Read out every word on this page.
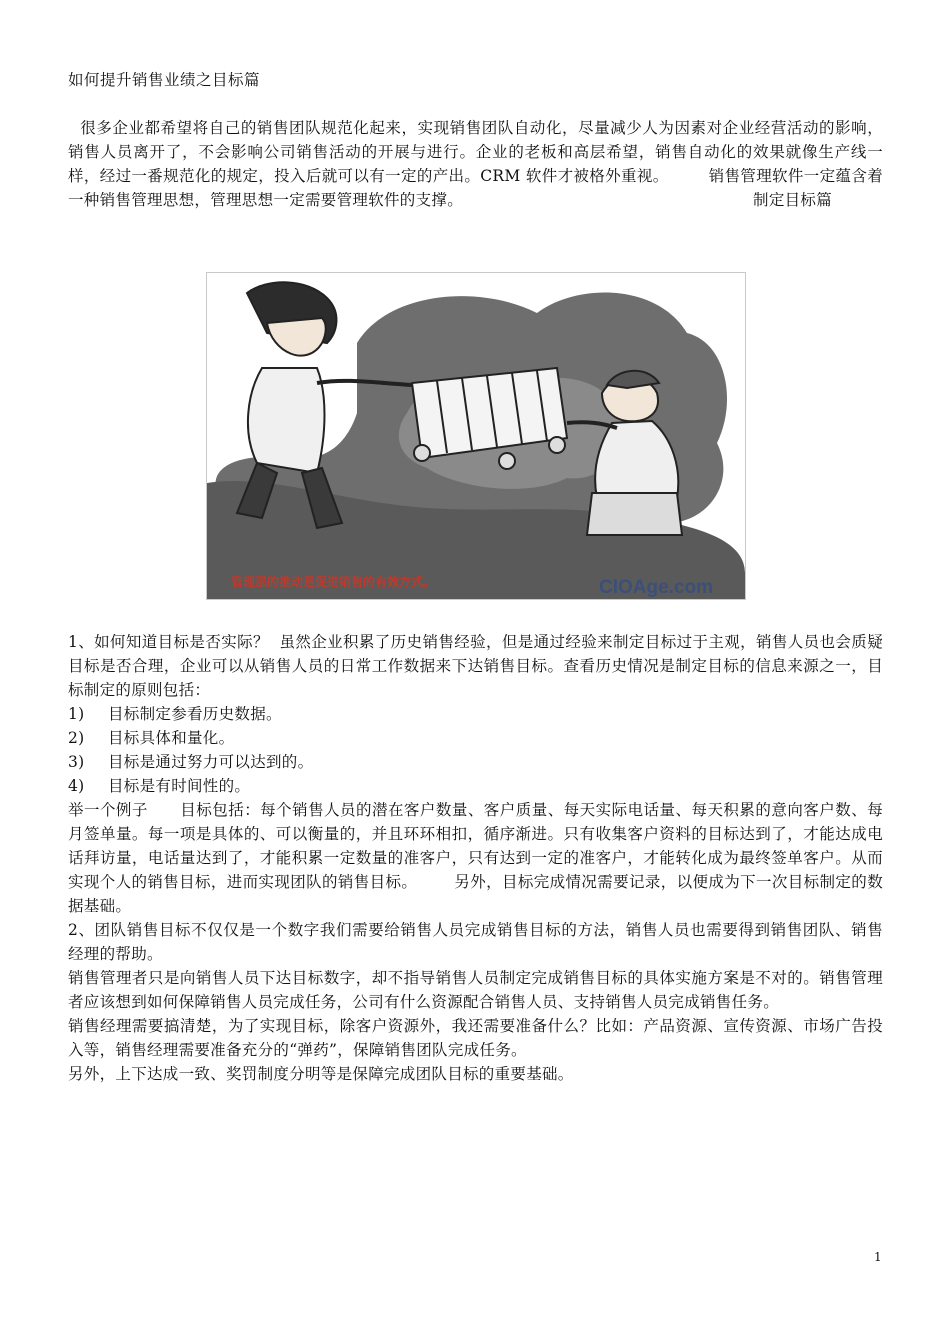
如何提升销售业绩之目标篇
很多企业都希望将自己的销售团队规范化起来，实现销售团队自动化，尽量减少人为因素对企业经营活动的影响，销售人员离开了，不会影响公司销售活动的开展与进行。企业的老板和高层希望，销售自动化的效果就像生产线一样，经过一番规范化的规定，投入后就可以有一定的产出。CRM 软件才被格外重视。	销售管理软件一定蕴含着一种销售管理思想，管理思想一定需要管理软件的支撑。	制定目标篇
管理层的推动是促进销售的有效方式。	CIOAge.com
1、如何知道目标是否实际？ 虽然企业积累了历史销售经验，但是通过经验来制定目标过于主观，销售人员也会质疑目标是否合理，企业可以从销售人员的日常工作数据来下达销售目标。查看历史情况是制定目标的信息来源之一，目标制定的原则包括：
1) 目标制定参看历史数据。
2) 目标具体和量化。
3) 目标是通过努力可以达到的。
4) 目标是有时间性的。
举一个例子 目标包括：每个销售人员的潜在客户数量、客户质量、每天实际电话量、每天积累的意向客户数、每月签单量。每一项是具体的、可以衡量的，并且环环相扣，循序渐进。只有收集客户资料的目标达到了，才能达成电话拜访量，电话量达到了，才能积累一定数量的准客户，只有达到一定的准客户，才能转化成为最终签单客户。从而实现个人的销售目标，进而实现团队的销售目标。 另外，目标完成情况需要记录，以便成为下一次目标制定的数据基础。
2、团队销售目标不仅仅是一个数字我们需要给销售人员完成销售目标的方法，销售人员也需要得到销售团队、销售经理的帮助。
销售管理者只是向销售人员下达目标数字，却不指导销售人员制定完成销售目标的具体实施方案是不对的。销售管理者应该想到如何保障销售人员完成任务，公司有什么资源配合销售人员、支持销售人员完成销售任务。
销售经理需要搞清楚，为了实现目标，除客户资源外，我还需要准备什么？比如：产品资源、宣传资源、市场广告投入等，销售经理需要准备充分的“弹药”，保障销售团队完成任务。
另外，上下达成一致、奖罚制度分明等是保障完成团队目标的重要基础。
1
